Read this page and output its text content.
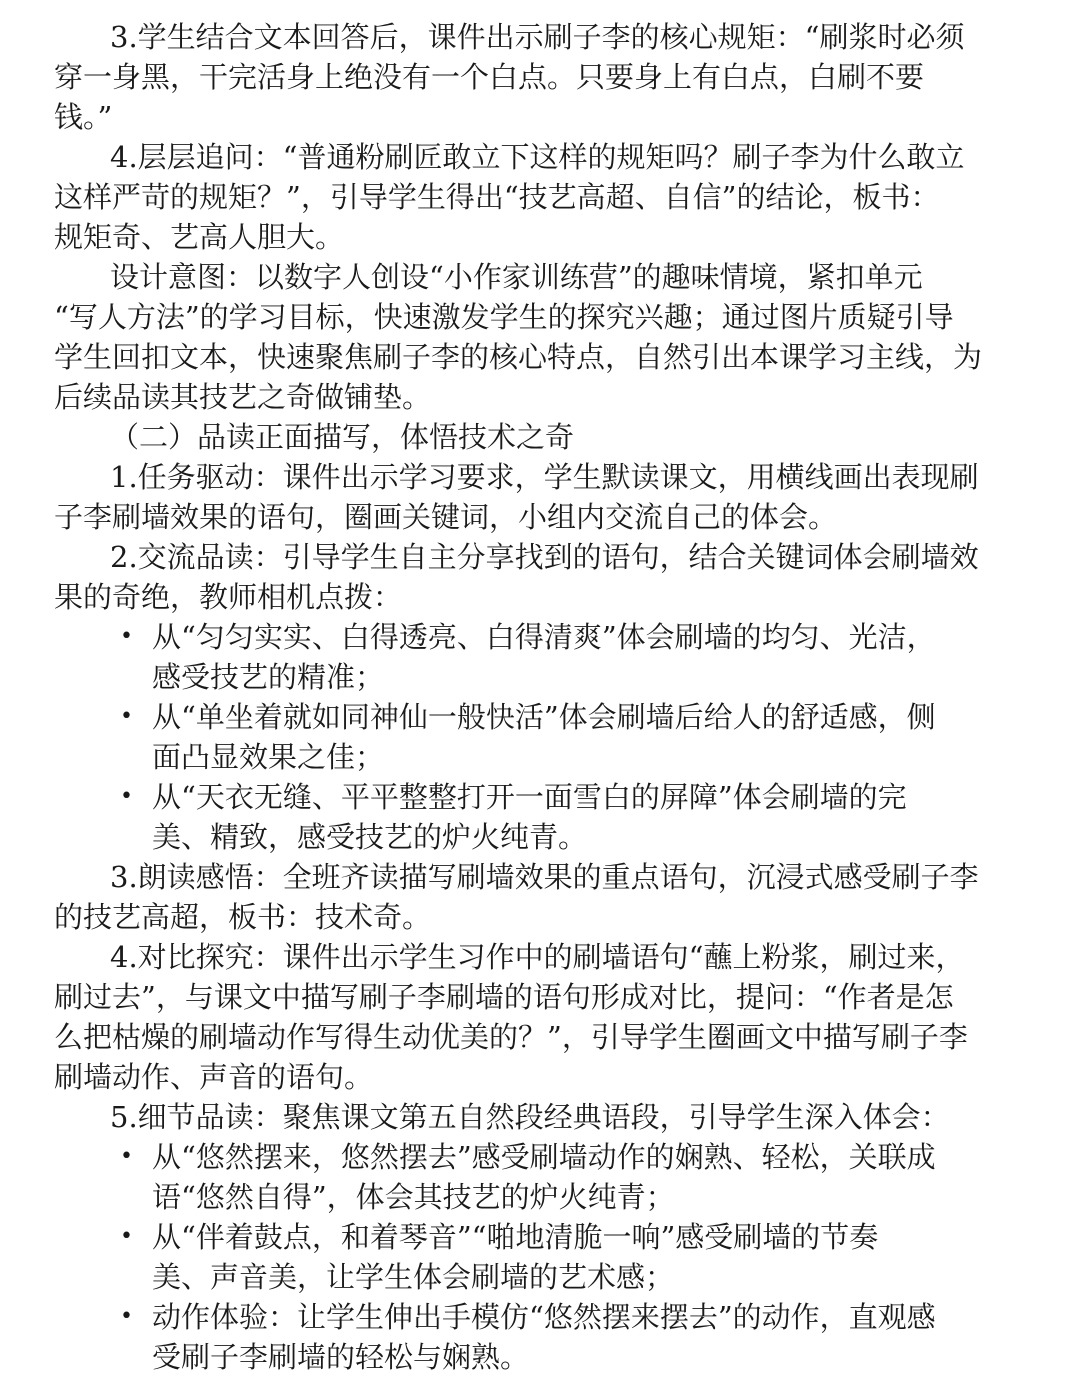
3.学生结合文本回答后，课件出示刷子李的核心规矩：“刷浆时必须
穿一身黑，干完活身上绝没有一个白点。只要身上有白点，白刷不要
钱。”
4.层层追问：“普通粉刷匠敢立下这样的规矩吗？刷子李为什么敢立
这样严苛的规矩？”，引导学生得出“技艺高超、自信”的结论，板书：
规矩奇、艺高人胆大。
设计意图：以数字人创设“小作家训练营”的趣味情境，紧扣单元
“写人方法”的学习目标，快速激发学生的探究兴趣；通过图片质疑引导
学生回扣文本，快速聚焦刷子李的核心特点，自然引出本课学习主线，为
后续品读其技艺之奇做铺垫。
（二）品读正面描写，体悟技术之奇
1.任务驱动：课件出示学习要求，学生默读课文，用横线画出表现刷
子李刷墙效果的语句，圈画关键词，小组内交流自己的体会。
2.交流品读：引导学生自主分享找到的语句，结合关键词体会刷墙效
果的奇绝，教师相机点拨：
• 从“匀匀实实、白得透亮、白得清爽”体会刷墙的均匀、光洁，
感受技艺的精准；
• 从“单坐着就如同神仙一般快活”体会刷墙后给人的舒适感，侧
面凸显效果之佳；
• 从“天衣无缝、平平整整打开一面雪白的屏障”体会刷墙的完
美、精致，感受技艺的炉火纯青。
3.朗读感悟：全班齐读描写刷墙效果的重点语句，沉浸式感受刷子李
的技艺高超，板书：技术奇。
4.对比探究：课件出示学生习作中的刷墙语句“蘸上粉浆，刷过来，
刷过去”，与课文中描写刷子李刷墙的语句形成对比，提问：“作者是怎
么把枯燥的刷墙动作写得生动优美的？”，引导学生圈画文中描写刷子李
刷墙动作、声音的语句。
5.细节品读：聚焦课文第五自然段经典语段，引导学生深入体会：
• 从“悠然摆来，悠然摆去”感受刷墙动作的娴熟、轻松，关联成
语“悠然自得”，体会其技艺的炉火纯青；
• 从“伴着鼓点，和着琴音”“啪地清脆一响”感受刷墙的节奏
美、声音美，让学生体会刷墙的艺术感；
• 动作体验：让学生伸出手模仿“悠然摆来摆去”的动作，直观感
受刷子李刷墙的轻松与娴熟。
